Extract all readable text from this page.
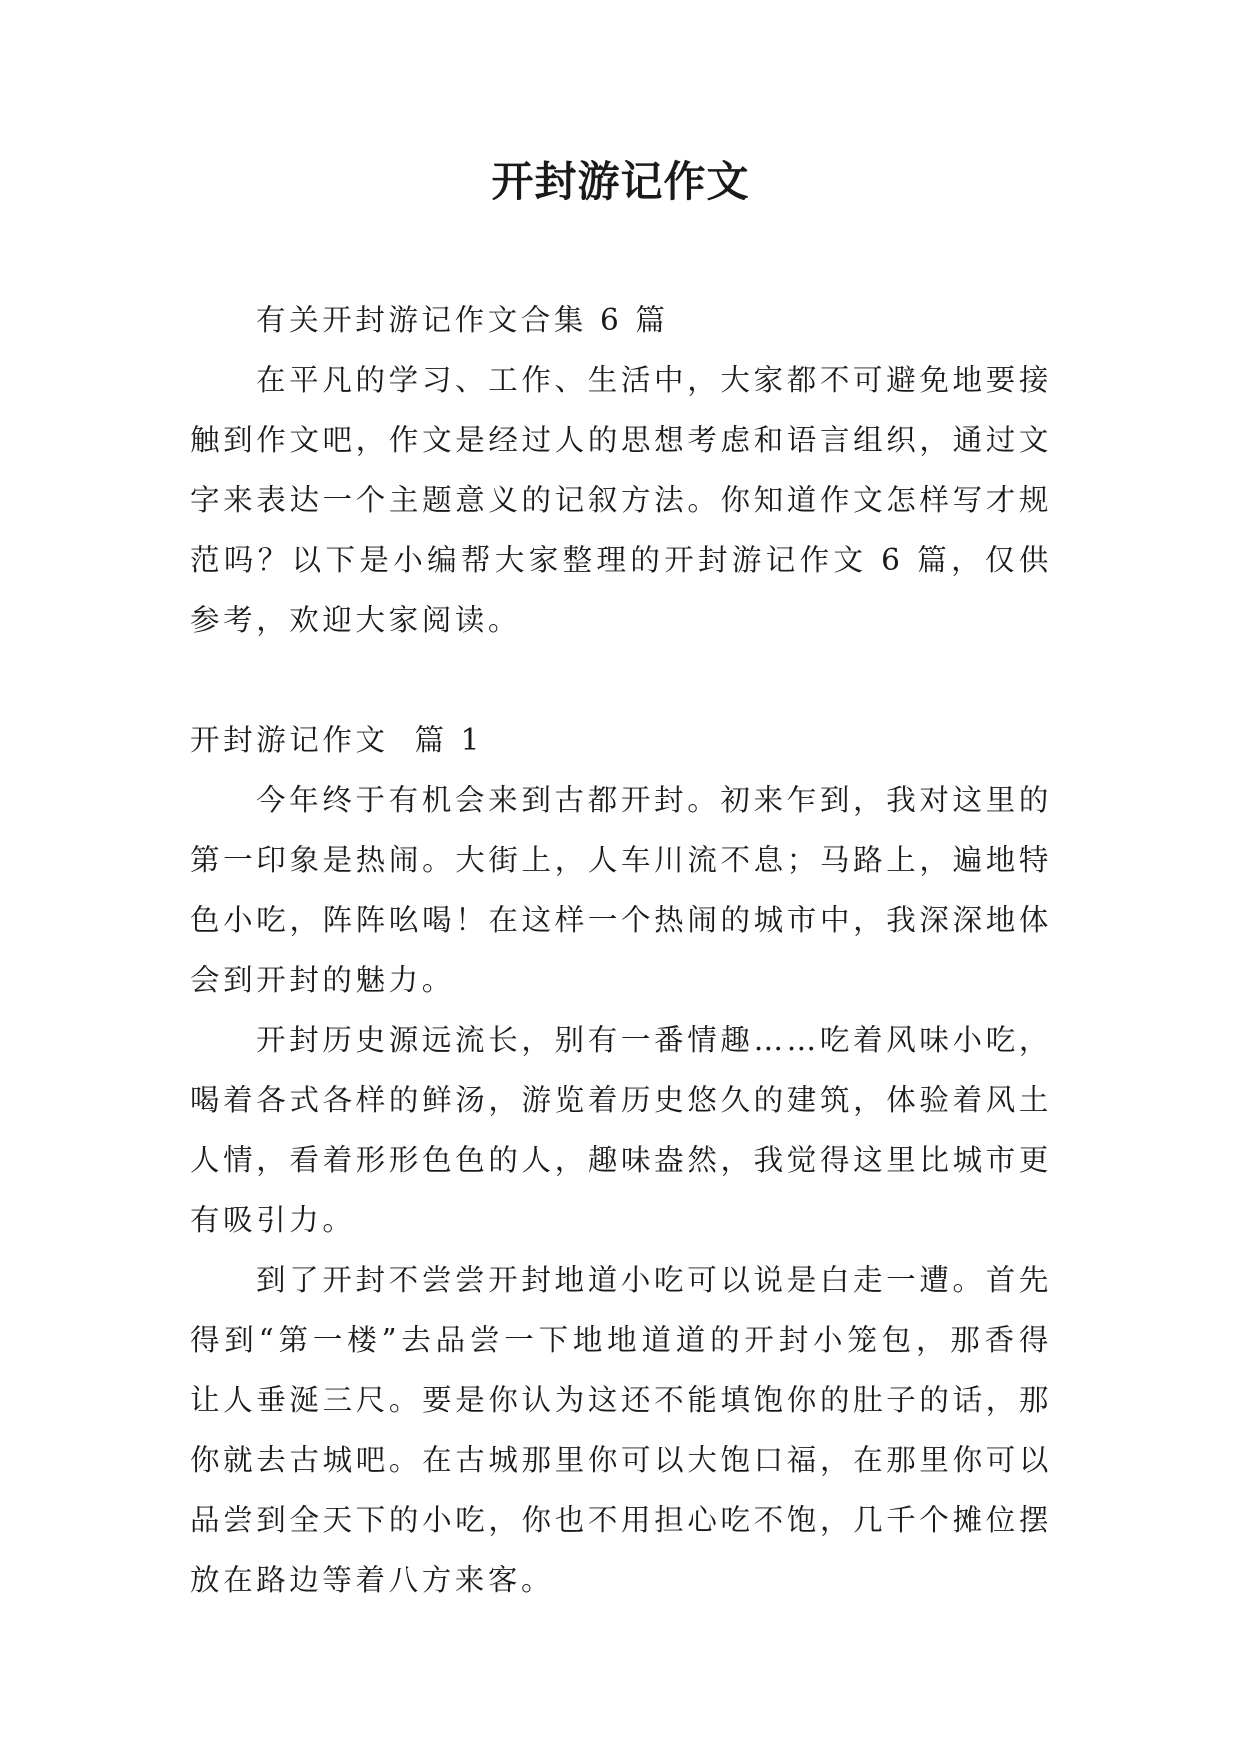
开封游记作文

有关开封游记作文合集 6 篇

在平凡的学习、工作、生活中，大家都不可避免地要接触到作文吧，作文是经过人的思想考虑和语言组织，通过文字来表达一个主题意义的记叙方法。你知道作文怎样写才规范吗？以下是小编帮大家整理的开封游记作文 6 篇，仅供参考，欢迎大家阅读。

开封游记作文  篇 1

今年终于有机会来到古都开封。初来乍到，我对这里的第一印象是热闹。大街上，人车川流不息；马路上，遍地特色小吃，阵阵吆喝！在这样一个热闹的城市中，我深深地体会到开封的魅力。

开封历史源远流长，别有一番情趣……吃着风味小吃，喝着各式各样的鲜汤，游览着历史悠久的建筑，体验着风土人情，看着形形色色的人，趣味盎然，我觉得这里比城市更有吸引力。

到了开封不尝尝开封地道小吃可以说是白走一遭。首先得到“第一楼”去品尝一下地地道道的开封小笼包，那香得让人垂涎三尺。要是你认为这还不能填饱你的肚子的话，那你就去古城吧。在古城那里你可以大饱口福，在那里你可以品尝到全天下的小吃，你也不用担心吃不饱，几千个摊位摆放在路边等着八方来客。
